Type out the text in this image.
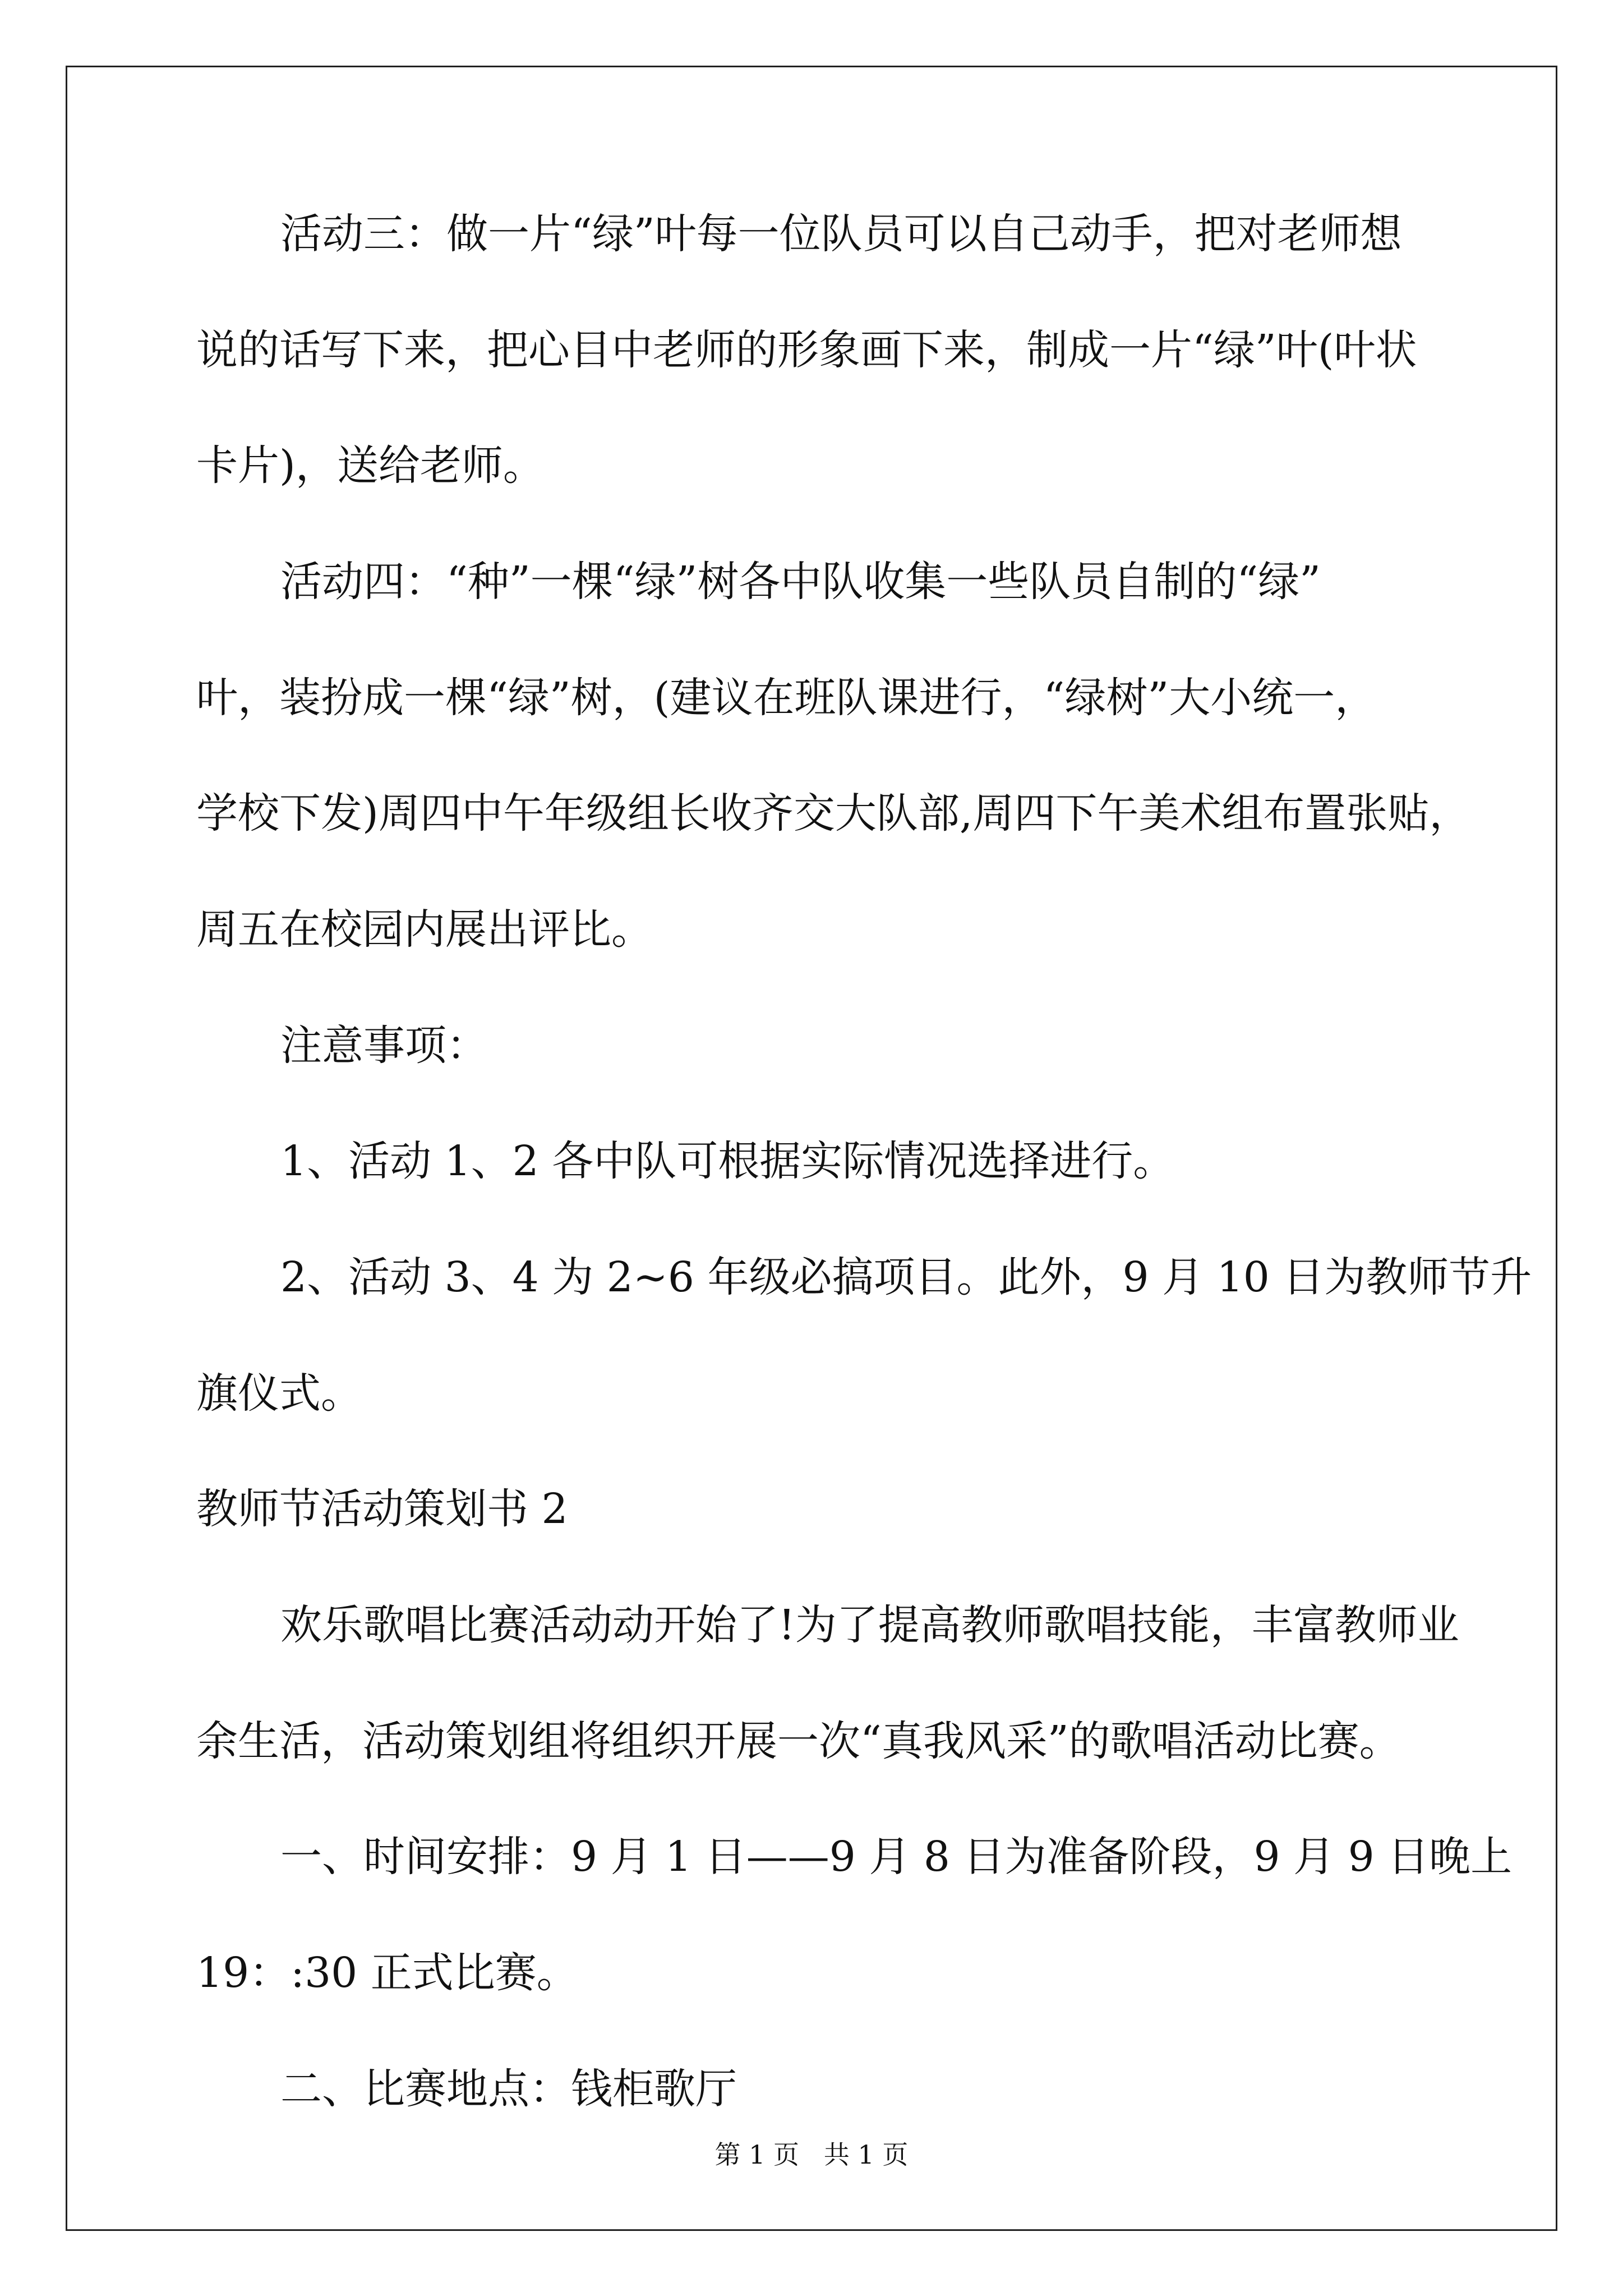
活动三：做一片“绿”叶每一位队员可以自己动手，把对老师想
说的话写下来，把心目中老师的形象画下来，制成一片“绿”叶(叶状
卡片)，送给老师。
活动四：“种”一棵“绿”树各中队收集一些队员自制的“绿”
叶，装扮成一棵“绿”树，(建议在班队课进行，“绿树”大小统一，
学校下发)周四中午年级组长收齐交大队部,周四下午美术组布置张贴，
周五在校园内展出评比。
注意事项：
1、活动 1、2 各中队可根据实际情况选择进行。
2、活动 3、4 为 2~6 年级必搞项目。此外，9 月 10 日为教师节升
旗仪式。
教师节活动策划书 2
欢乐歌唱比赛活动动开始了!为了提高教师歌唱技能，丰富教师业
余生活，活动策划组将组织开展一次“真我风采”的歌唱活动比赛。
一、时间安排：9 月 1 日——9 月 8 日为准备阶段，9 月 9 日晚上
19：:30 正式比赛。
二、比赛地点：钱柜歌厅
第 1 页   共 1 页
